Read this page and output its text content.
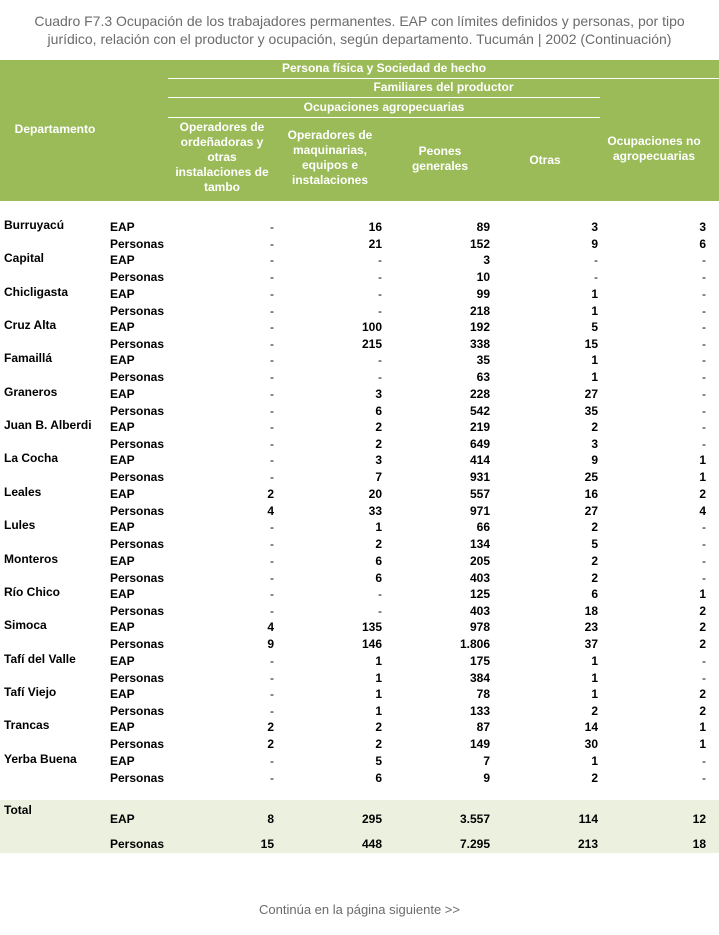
Cuadro F7.3 Ocupación de los trabajadores permanentes. EAP con límites definidos y personas, por tipo
jurídico, relación con el productor y ocupación, según departamento. Tucumán | 2002 (Continuación)
Departamento
Persona física y Sociedad de hecho
Familiares del productor
Ocupaciones agropecuarias
Operadores de ordeñadoras y otras instalaciones de tambo
Operadores de maquinarias, equipos e instalaciones
Peones generales	Otras
Ocupaciones no agropecuarias
Burruyacú	EAP	-	16	89	3	3
Personas	-	21	152	9	6
Capital	EAP	-	-	3	-	-
Personas	-	-	10	-	-
Chicligasta	EAP	-	-	99	1	-
Personas	-	-	218	1	-
Cruz Alta	EAP	-	100	192	5	-
Personas	-	215	338	15	-
Famaillá	EAP	-	-	35	1	-
Personas	-	-	63	1	-
Graneros	EAP	-	3	228	27	-
Personas	-	6	542	35	-
Juan B. Alberdi EAP	-	2	219	2	-
Personas	-	2	649	3	-
La Cocha	EAP	-	3	414	9	1
Personas	-	7	931	25	1
Leales	EAP	2	20	557	16	2
Personas	4	33	971	27	4
Lules	EAP	-	1	66	2	-
Personas	-	2	134	5	-
Monteros	EAP	-	6	205	2	-
Personas	-	6	403	2	-
Río Chico	EAP	-	-	125	6	1
Personas	-	-	403	18	2
Simoca	EAP	4	135	978	23	2
Personas	9	146	1.806	37	2
Tafí del Valle	EAP	-	1	175	1	-
Personas	-	1	384	1	-
Tafí Viejo	EAP	-	1	78	1	2
Personas	-	1	133	2	2
Trancas	EAP	2	2	87	14	1
Personas	2	2	149	30	1
Yerba Buena	EAP	-	5	7	1	-
Personas	-	6	9	2	-
Total
EAP	8	295	3.557	114	12
Personas	15	448	7.295	213	18
Continúa en la página siguiente >>
